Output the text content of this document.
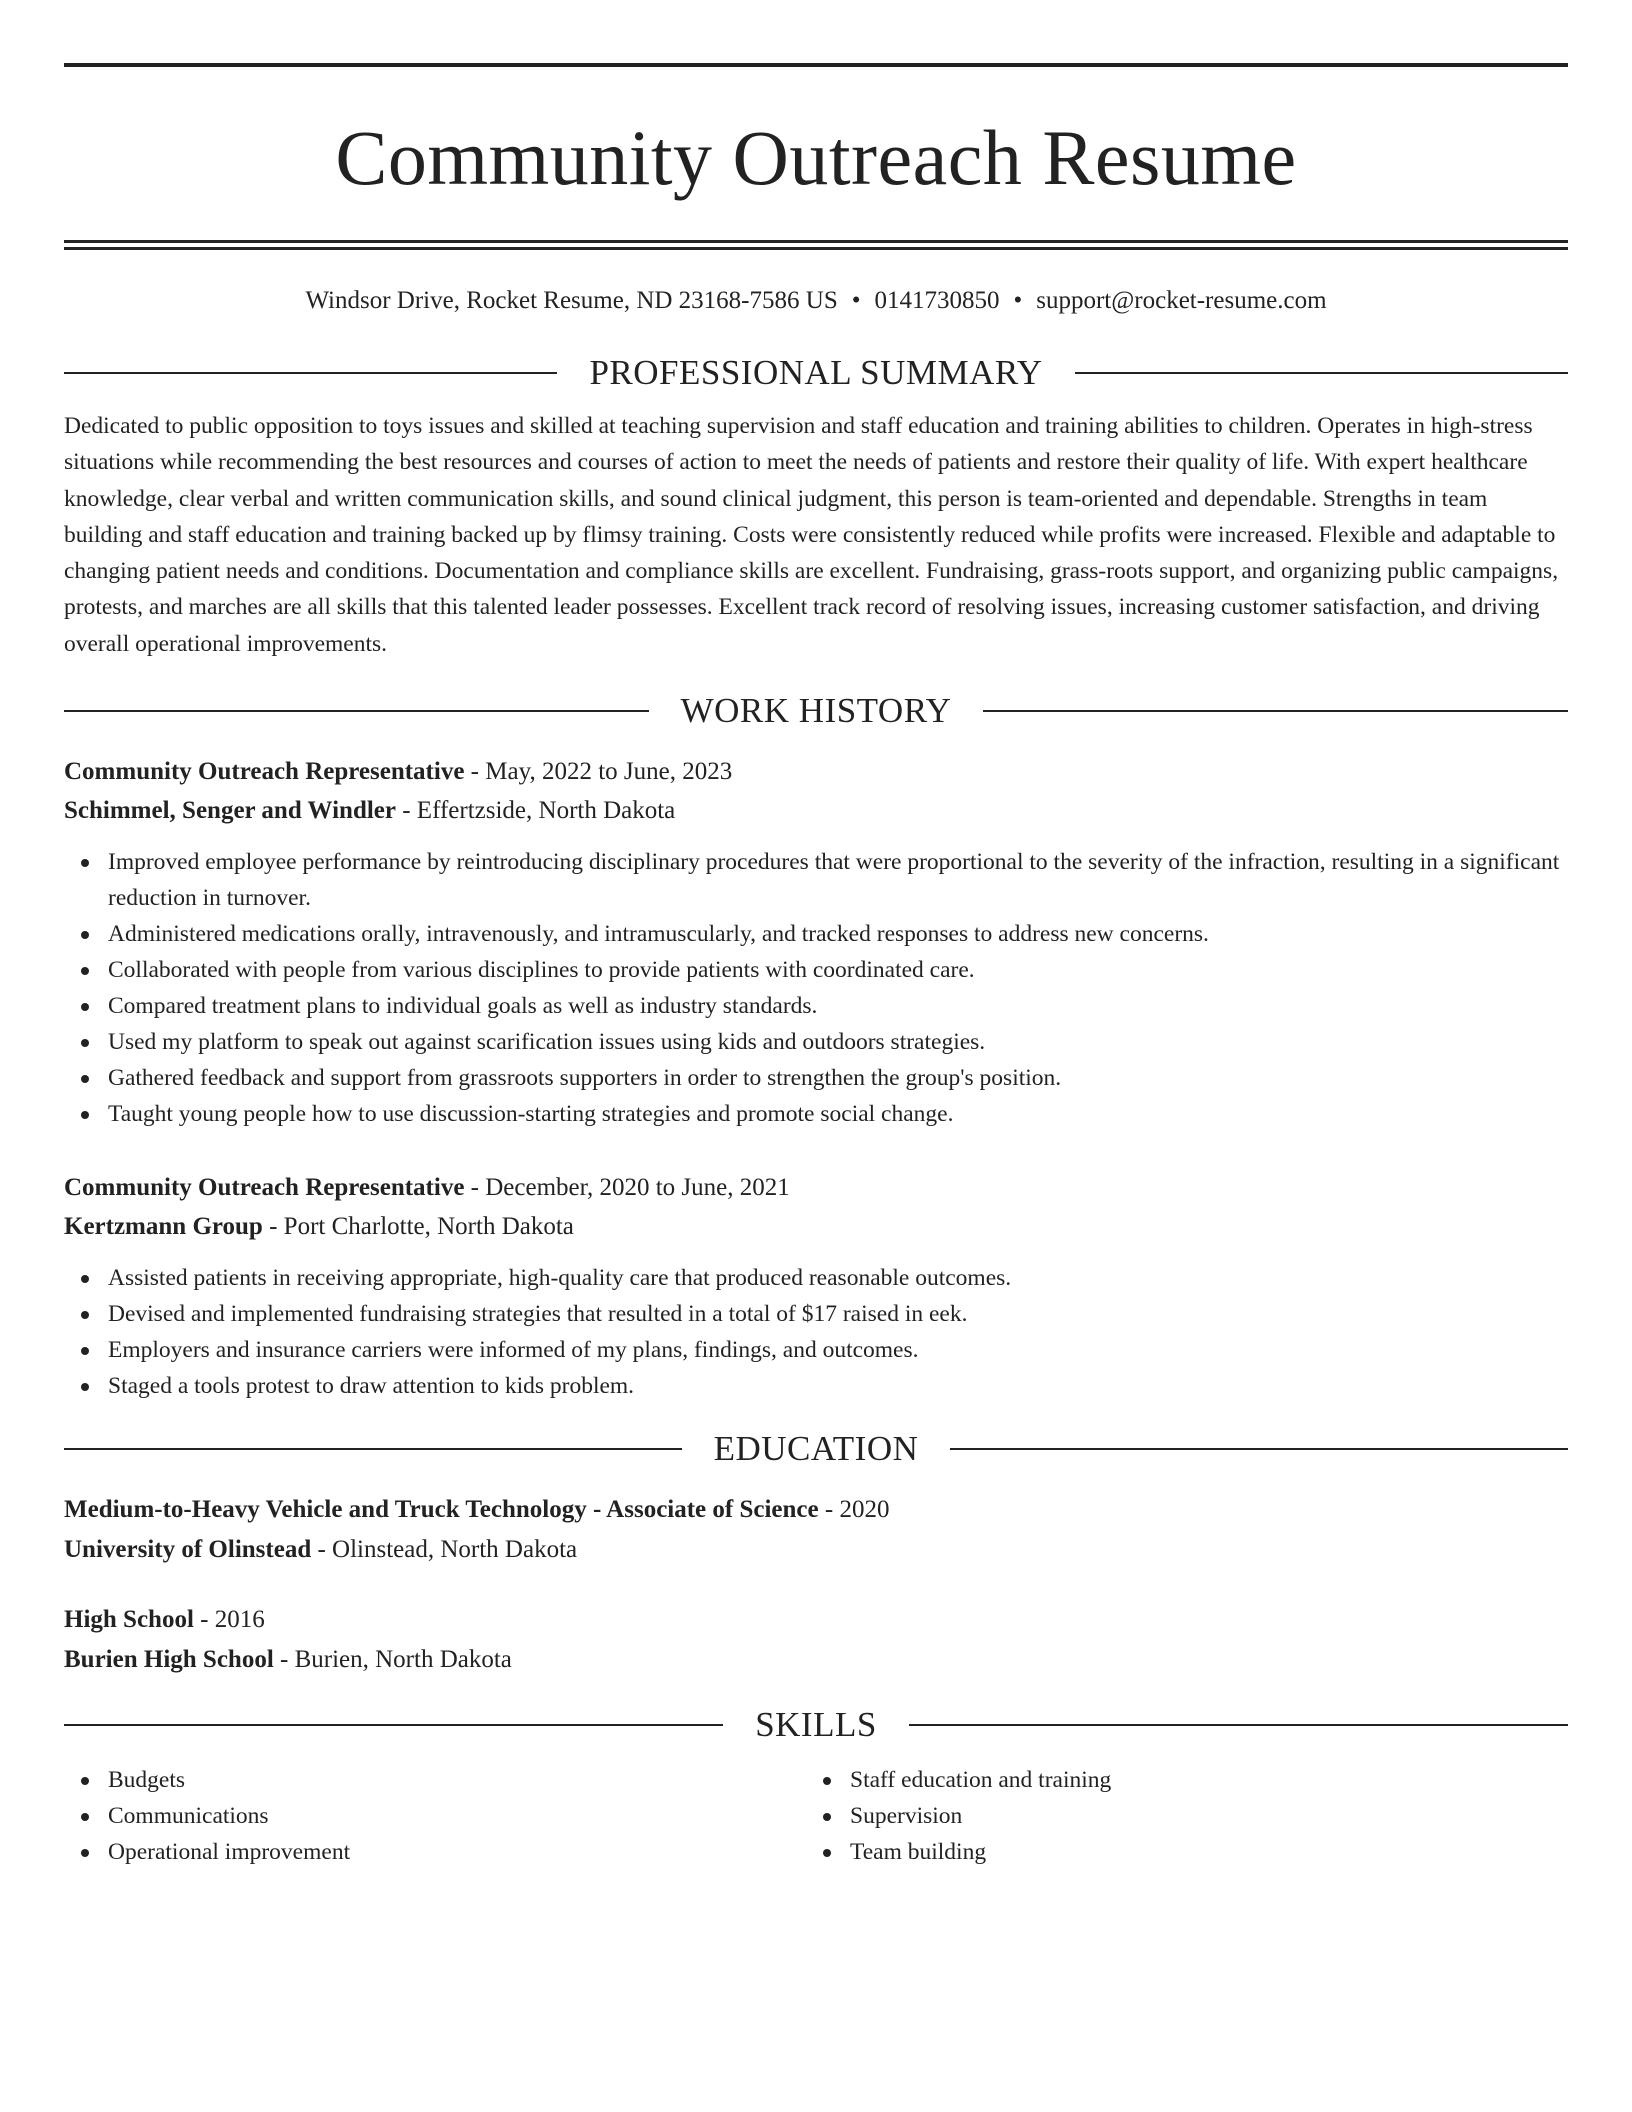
Community Outreach Resume
Windsor Drive, Rocket Resume, ND 23168-7586 US • 0141730850 • support@rocket-resume.com
PROFESSIONAL SUMMARY

Dedicated to public opposition to toys issues and skilled at teaching supervision and staff education and training abilities to children. Operates in high-stress situations while recommending the best resources and courses of action to meet the needs of patients and restore their quality of life. With expert healthcare knowledge, clear verbal and written communication skills, and sound clinical judgment, this person is team-oriented and dependable. Strengths in team building and staff education and training backed up by flimsy training. Costs were consistently reduced while profits were increased. Flexible and adaptable to changing patient needs and conditions. Documentation and compliance skills are excellent. Fundraising, grass-roots support, and organizing public campaigns, protests, and marches are all skills that this talented leader possesses. Excellent track record of resolving issues, increasing customer satisfaction, and driving overall operational improvements.

WORK HISTORY
Community Outreach Representative - May, 2022 to June, 2023
Schimmel, Senger and Windler - Effertzside, North Dakota
Improved employee performance by reintroducing disciplinary procedures that were proportional to the severity of the infraction, resulting in a significant reduction in turnover.
Administered medications orally, intravenously, and intramuscularly, and tracked responses to address new concerns.
Collaborated with people from various disciplines to provide patients with coordinated care.
Compared treatment plans to individual goals as well as industry standards.
Used my platform to speak out against scarification issues using kids and outdoors strategies.
Gathered feedback and support from grassroots supporters in order to strengthen the group's position.
Taught young people how to use discussion-starting strategies and promote social change.
Community Outreach Representative - December, 2020 to June, 2021
Kertzmann Group - Port Charlotte, North Dakota
Assisted patients in receiving appropriate, high-quality care that produced reasonable outcomes.
Devised and implemented fundraising strategies that resulted in a total of $17 raised in eek.
Employers and insurance carriers were informed of my plans, findings, and outcomes.
Staged a tools protest to draw attention to kids problem.
EDUCATION
Medium-to-Heavy Vehicle and Truck Technology - Associate of Science - 2020
University of Olinstead - Olinstead, North Dakota
High School - 2016
Burien High School - Burien, North Dakota
SKILLS
Budgets
Communications
Operational improvement
Staff education and training
Supervision
Team building
